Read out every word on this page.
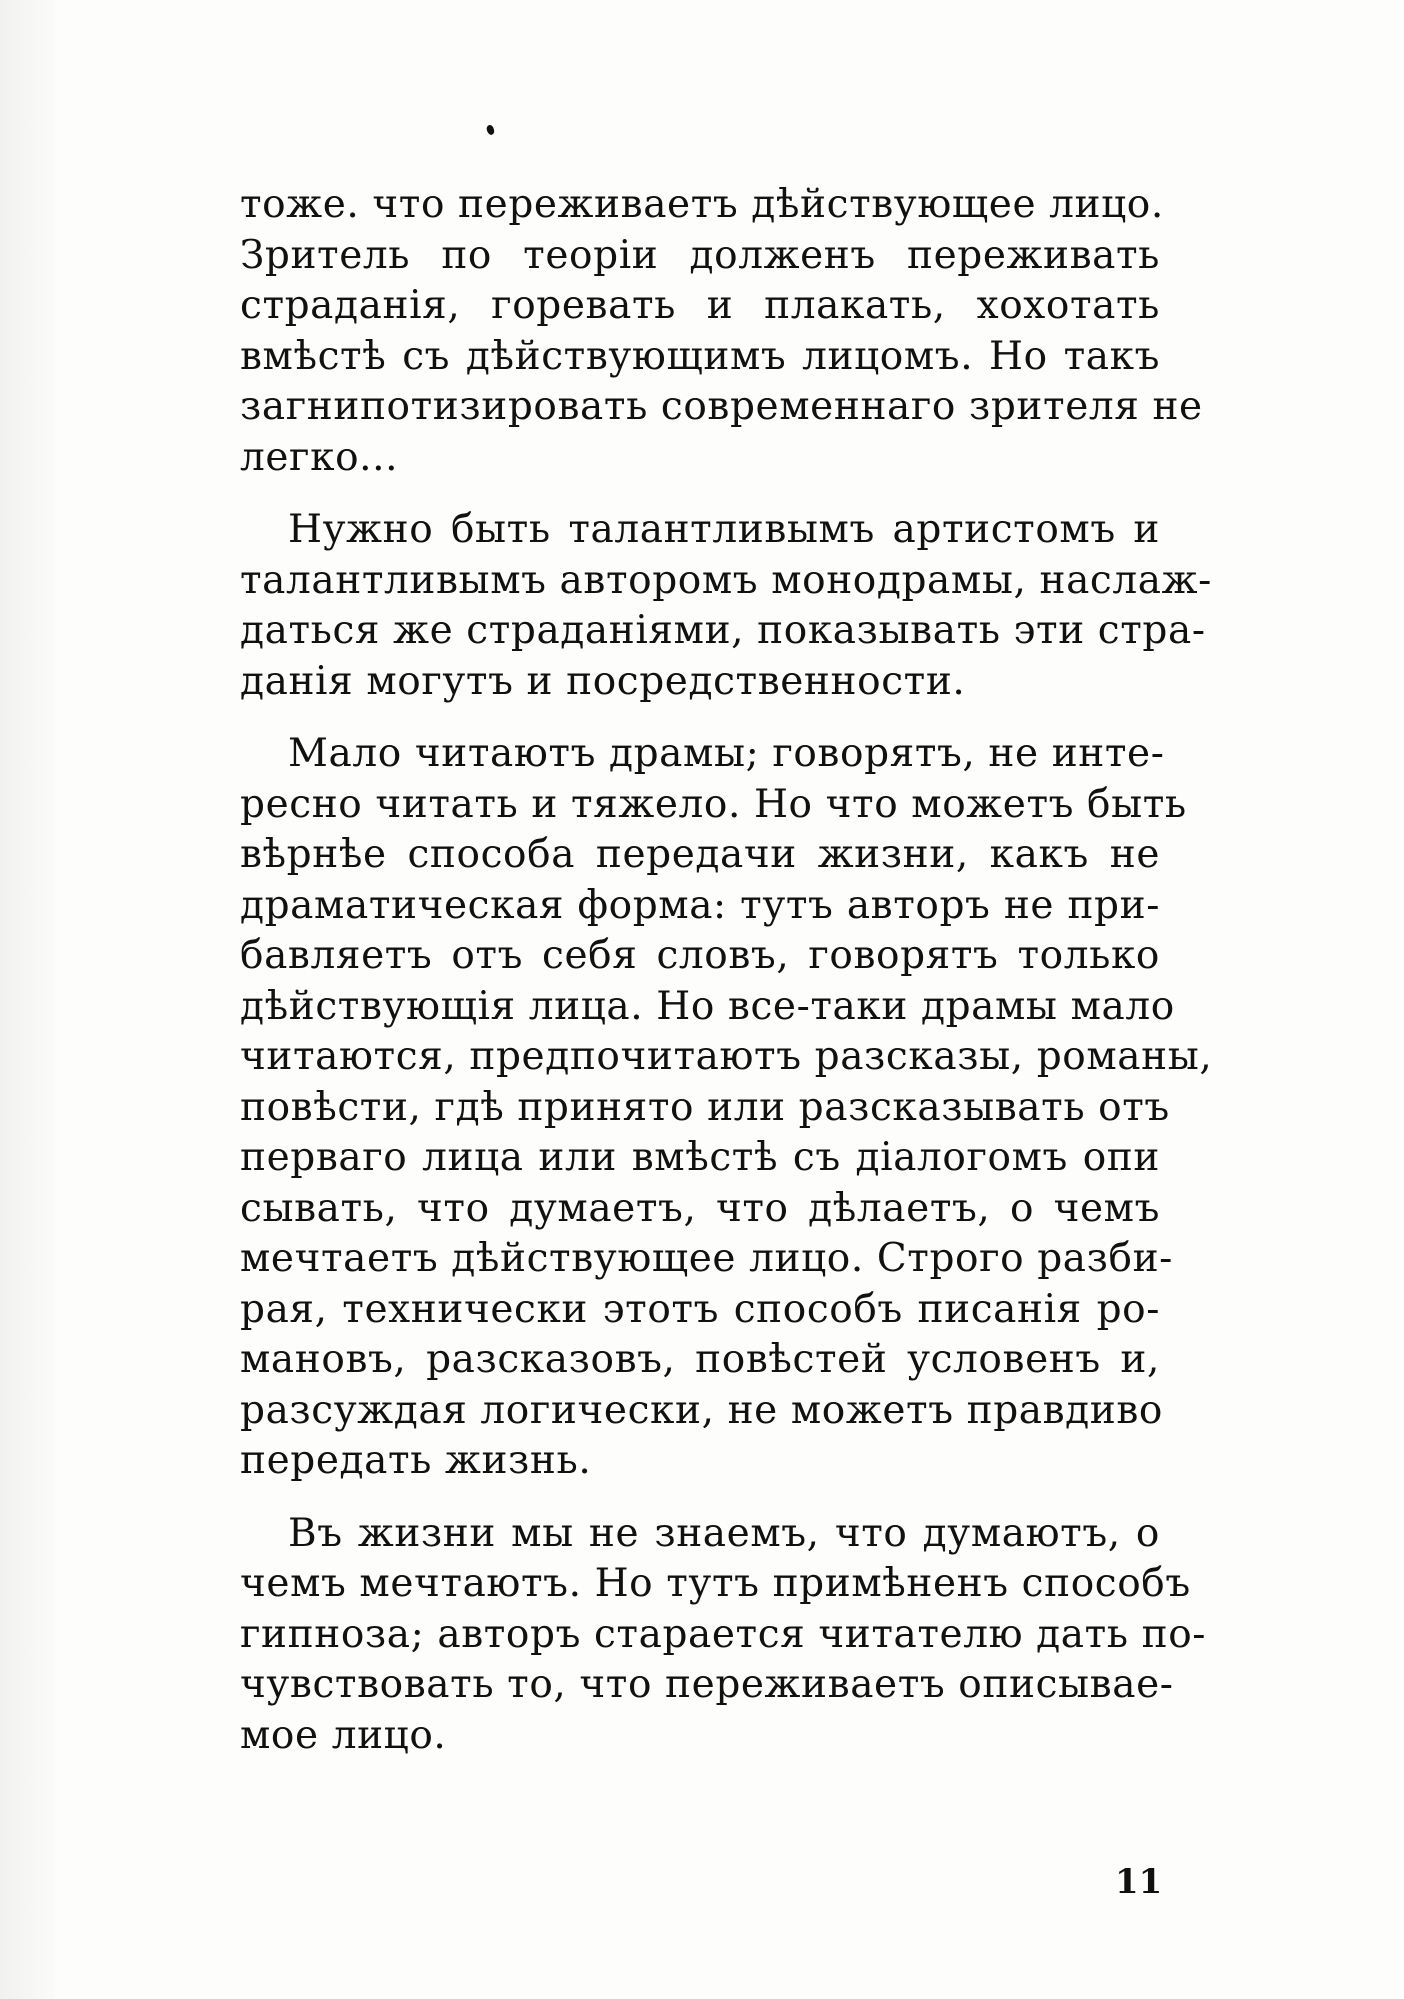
тоже. что переживаетъ дѣйствующее лицо.
Зритель по теоріи долженъ переживать
страданія, горевать и плакать, хохотать
вмѣстѣ съ дѣйствующимъ лицомъ. Но такъ
загнипотизировать современнаго зрителя не
легко...
Нужно быть талантливымъ артистомъ и
талантливымъ авторомъ монодрамы, наслаж-
даться же страданіями, показывать эти стра-
данія могутъ и посредственности.
Мало читаютъ драмы; говорятъ, не инте-
ресно читать и тяжело. Но что можетъ быть
вѣрнѣе способа передачи жизни, какъ не
драматическая форма: тутъ авторъ не при-
бавляетъ отъ себя словъ, говорятъ только
дѣйствующія лица. Но все-таки драмы мало
читаются, предпочитаютъ разсказы, романы,
повѣсти, гдѣ принято или разсказывать отъ
перваго лица или вмѣстѣ съ діалогомъ опи
сывать, что думаетъ, что дѣлаетъ, о чемъ
мечтаетъ дѣйствующее лицо. Строго разби-
рая, технически этотъ способъ писанія ро-
мановъ, разсказовъ, повѣстей условенъ и,
разсуждая логически, не можетъ правдиво
передать жизнь.
Въ жизни мы не знаемъ, что думаютъ, о
чемъ мечтаютъ. Но тутъ примѣненъ способъ
гипноза; авторъ старается читателю дать по-
чувствовать то, что переживаетъ описывае-
мое лицо.
11
